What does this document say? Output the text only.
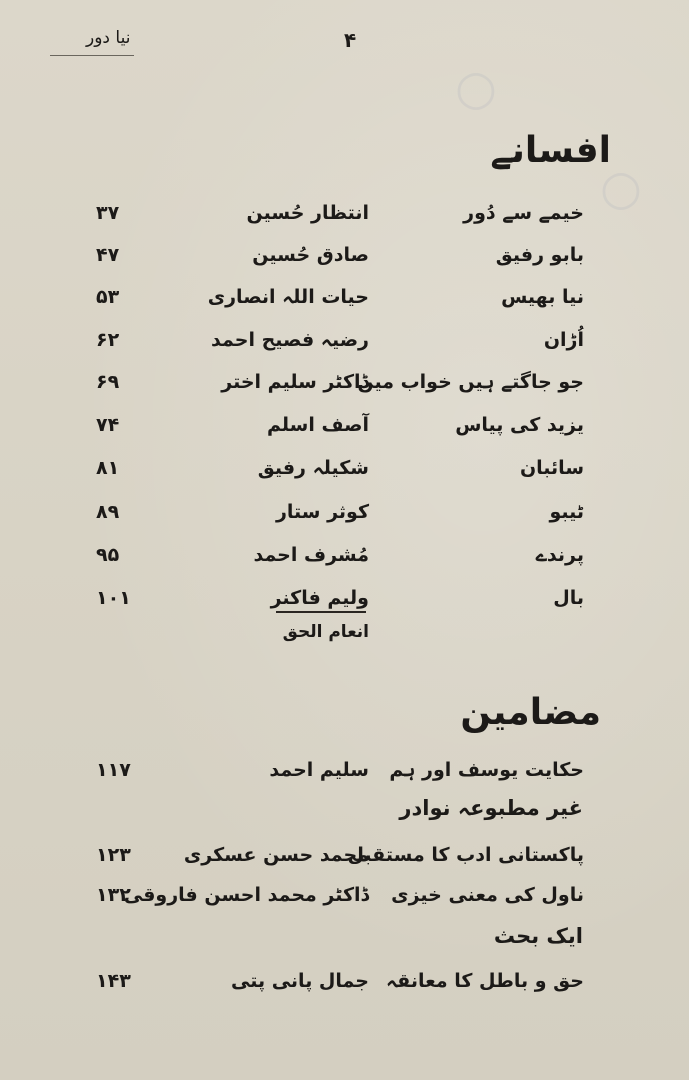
○
○
نیا دور	۴
افسانے
خیمے سے دُور
انتظار حُسین
۳۷
بابو رفیق
صادق حُسین
۴۷
نیا بھیس
حیات اللہ انصاری
۵۳
اُڑان
رضیہ فصیح احمد
۶۲
جو جاگتے ہیں خواب میں
ڈاکٹر سلیم اختر
۶۹
یزید کی پیاس
آصف اسلم
۷۴
سائبان
شکیلہ رفیق
۸۱
ٹیبو
کوثر ستار
۸۹
پرندے
مُشرف احمد
۹۵
بال
ولیم فاکنر
۱۰۱
انعام الحق
مضامین
حکایت یوسف اور ہم
سلیم احمد
۱۱۷
غیر مطبوعہ نوادر
پاکستانی ادب کا مستقبل
محمد حسن عسکری
۱۲۳
ناول کی معنی خیزی
ڈاکٹر محمد احسن فاروقی
۱۳۲
ایک بحث
حق و باطل کا معانقہ
جمال پانی پتی
۱۴۳
